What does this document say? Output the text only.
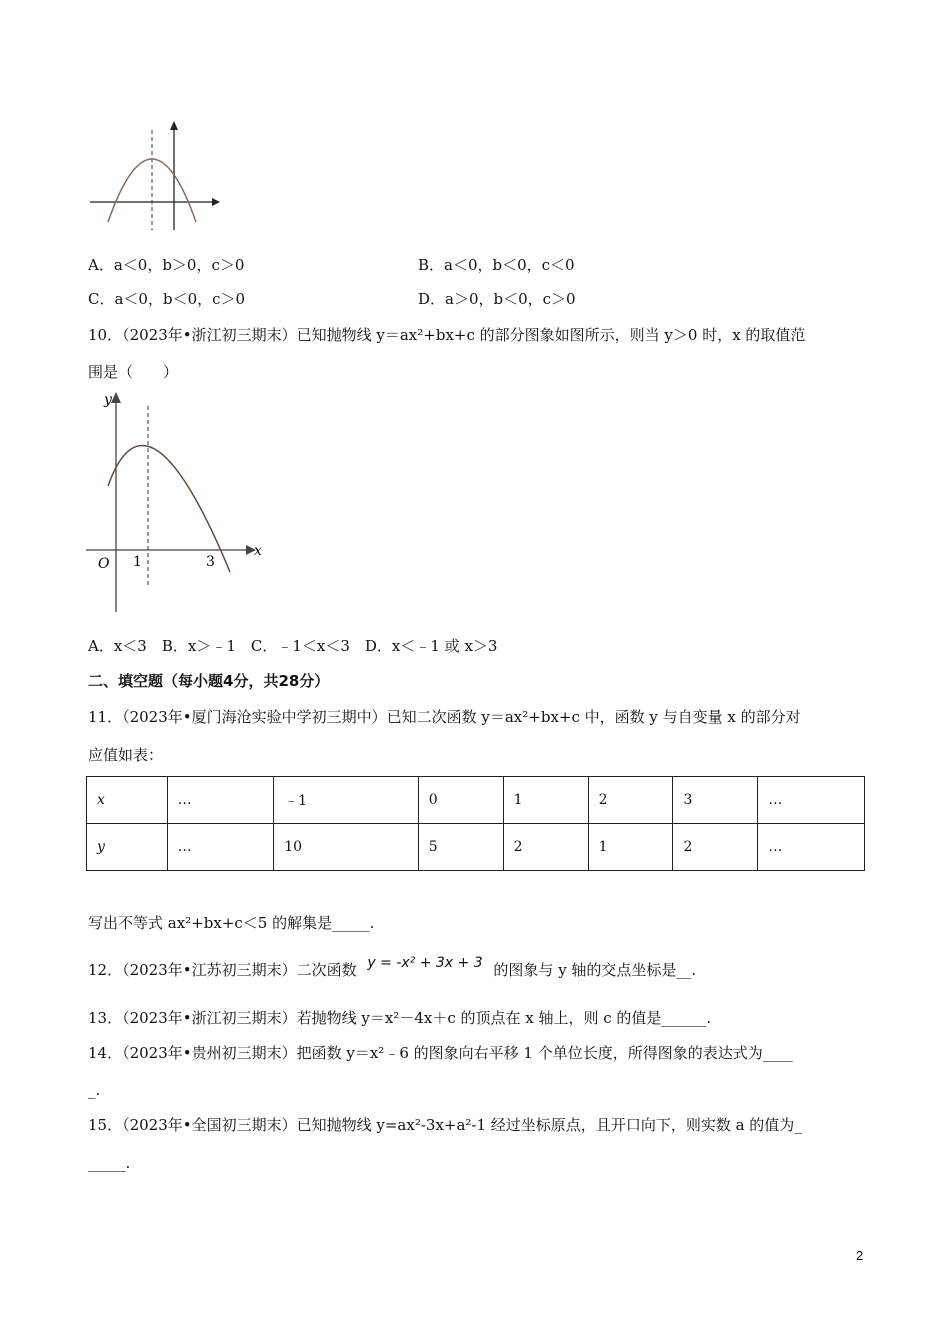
A．a＜0，b＞0，c＞0	B．a＜0，b＜0，c＜0
C．a＜0，b＜0，c＞0	D．a＞0，b＜0，c＞0
10．（2023年•浙江初三期末）已知抛物线 y＝ax²+bx+c 的部分图象如图所示，则当 y＞0 时，x 的取值范
围是（　　）
y
x
O 1	3
A．x＜3　B．x＞﹣1　C．﹣1＜x＜3　D．x＜﹣1 或 x＞3
二、填空题（每小题4分，共28分）
11．（2023年•厦门海沧实验中学初三期中）已知二次函数 y＝ax²+bx+c 中，函数 y 与自变量 x 的部分对
应值如表：
x	…	﹣1	0	1	2	3	…
y	…	10	5	2	1	2	…
写出不等式 ax²+bx+c＜5 的解集是_____.
12．（2023年•江苏初三期末）二次函数 y = -x² + 3x + 3 的图象与 y 轴的交点坐标是__.
13．（2023年•浙江初三期末）若抛物线 y＝x²－4x＋c 的顶点在 x 轴上，则 c 的值是______.
14．（2023年•贵州初三期末）把函数 y＝x²﹣6 的图象向右平移 1 个单位长度，所得图象的表达式为____
_.
15．（2023年•全国初三期末）已知抛物线 y=ax²-3x+a²-1 经过坐标原点，且开口向下，则实数 a 的值为_
_____.
2
